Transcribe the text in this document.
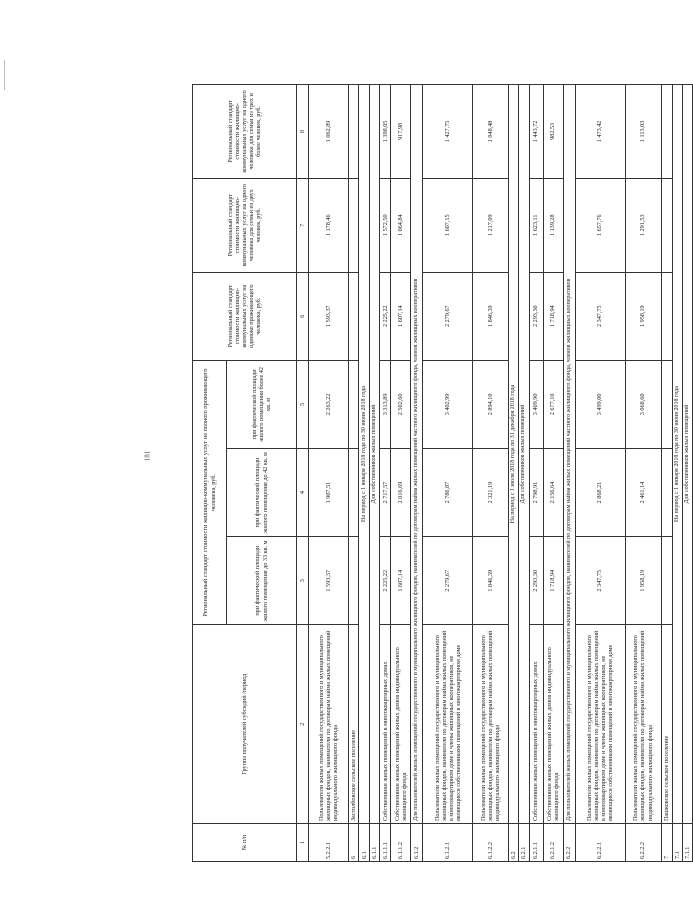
181
№ п/п	Группа получателей субсидий /период	Региональный стандарт стоимости жилищно-коммунальных услуг на полного проживающего человека, руб.			Региональный стандарт стоимости жилищно-коммунальных услуг на одиноко проживающего человека, руб.	Региональный стандарт стоимости жилищно-коммунальных услуг на одного человека для семьи из двух человек, руб.	Региональный стандарт стоимости жилищно-коммунальных услуг на одного человека для семьи из трех и более человек, руб.
		при фактической площади жилого помещения до 33 кв. м	при фактической площади жилого помещения до 42 кв. м	при фактической площади жилого помещения более 42 кв. м			
1	2	3	4	5	6	7	8
5.2.2.1	Пользователи жилых помещений государственного и муниципального жилищных фондов, наниматели по договорам найма жилых помещений индивидуального жилищного фонда	1 593,37	1 907,51	2 263,22	1 593,37	1 178,46	1 062,89
6	Застолбовское сельское поселение						
6.1	На период с 1 января 2018 года по 30 июня 2018 года						
6.1.1	Для собственников жилых помещений						
6.1.1.1	Собственники жилых помещений в многоквартирных домах	2 225,22	2 717,57	3 313,89	2 225,22	1 572,50	1 398,05
6.1.1.2	Собственники жилых помещений жилых домов индивидуального жилищного фонда	1 607,14	2 016,69	2 502,60	1 607,14	1 064,84	917,98
6.1.2	Для пользователей жилых помещений государственного и муниципального жилищного фондов, нанимателей по договорам найма жилых помещений частного жилищного фонда, членов жилищных кооперативов						
6.1.2.1	Пользователи жилых помещений государственного и муниципального жилищных фондов, наниматели по договорам найма жилых помещений в многоквартирном доме и члены жилищных кооперативов, не являющиеся собственниками помещений в многоквартирном доме	2 279,67	2 786,87	3 402,99	2 279,67	1 607,15	1 427,75
6.1.2.2	Пользователи жилых помещений государственного и муниципального жилищных фондов, наниматели по договорам найма жилых помещений индивидуального жилищного фонда	1 846,39	2 321,19	2 894,10	1 846,39	1 217,09	1 048,48
6.2	На период с 1 июля 2018 года по 31 декабря 2018 года						
6.2.1	Для собственников жилых помещений						
6.2.1.1	Собственники жилых помещений в многоквартирных домах	2 293,30	2 798,91	3 409,90	2 293,30	1 623,11	1 443,72
6.2.1.2	Собственники жилых помещений жилых домов индивидуального жилищного фонда	1 718,94	2 156,64	2 677,10	1 718,94	1 139,28	982,53
6.2.2	Для пользователей жилых помещений государственного и муниципального жилищного фондов, нанимателей по договорам найма жилых помещений частного жилищного фонда, членов жилищных кооперативов						
6.2.2.1	Пользователи жилых помещений государственного и муниципального жилищных фондов, наниматели по договорам найма жилых помещений в многоквартирном доме и члены жилищных кооперативов, не являющиеся собственниками помещений в многоквартирном доме	2 347,75	2 868,21	3 499,00	2 347,75	1 657,76	1 473,42
6.2.2.2	Пользователи жилых помещений государственного и муниципального жилищных фондов, наниматели по договорам найма жилых помещений индивидуального жилищного фонда	1 958,19	2 461,14	3 068,60	1 958,19	1 291,53	1 113,03
7	Пашковское сельское поселение						
7.1	На период с 1 января 2018 года по 30 июня 2018 года						
7.1.1	Для собственников жилых помещений						
